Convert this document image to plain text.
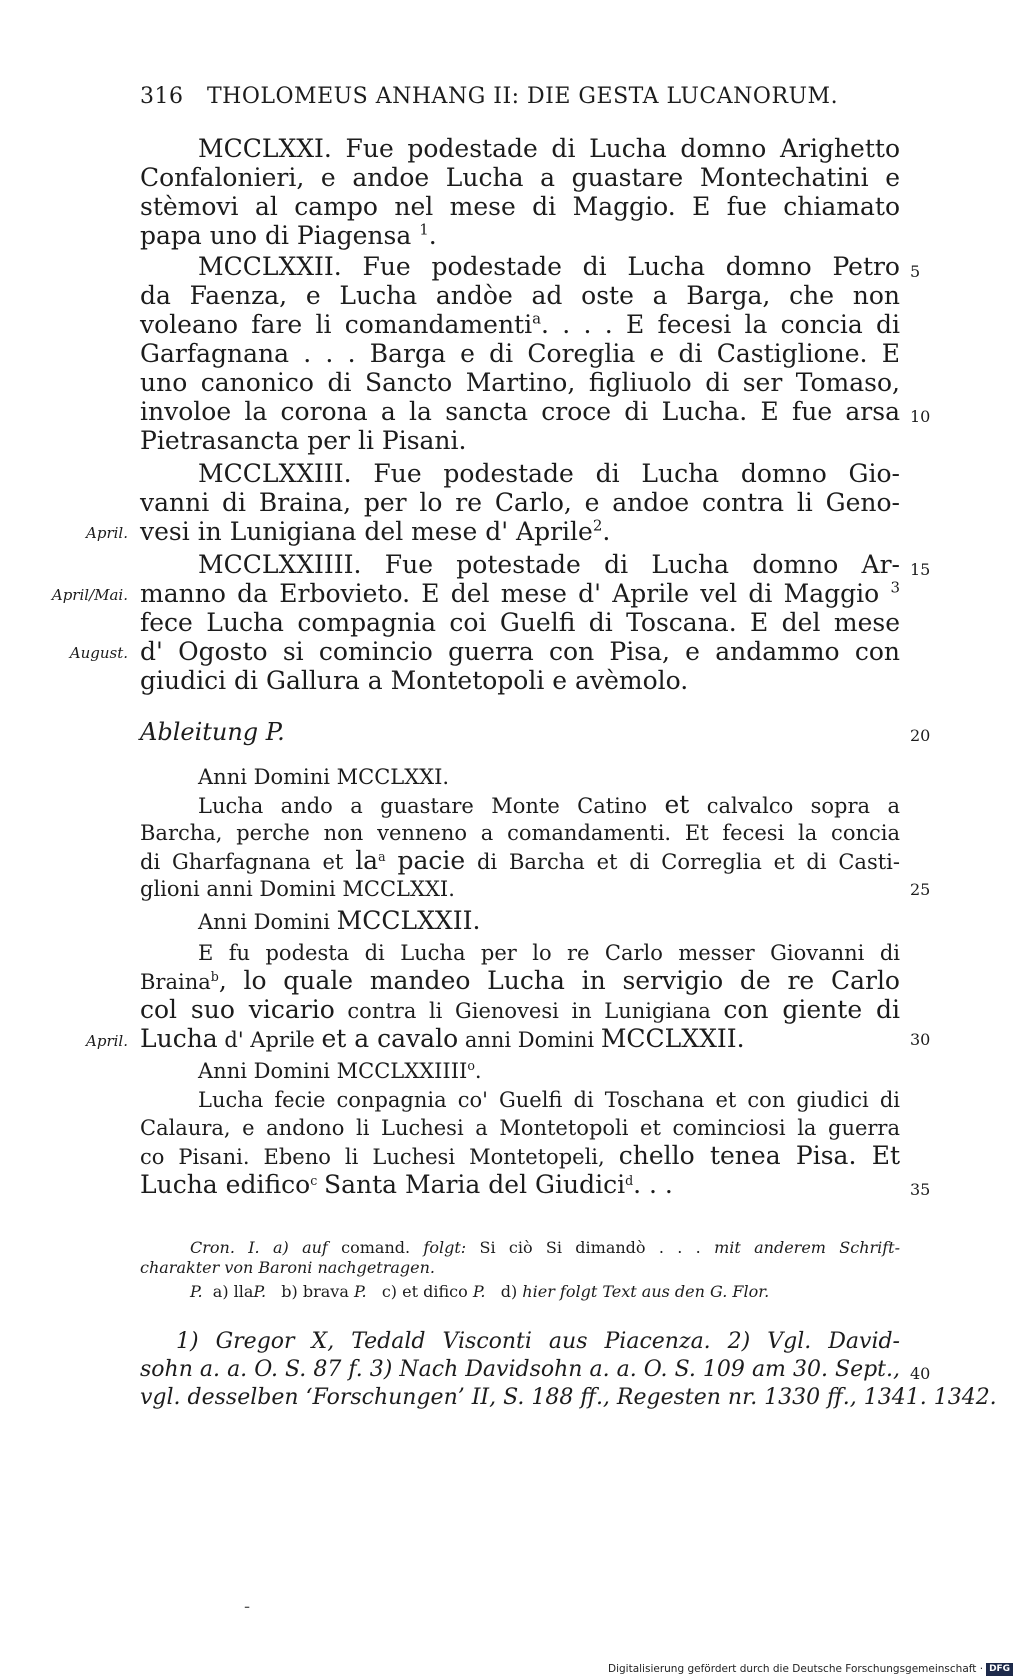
316 THOLOMEUS ANHANG II: DIE GESTA LUCANORUM.
MCCLXXI. Fue podestade di Lucha domno Arighetto
Confalonieri, e andoe Lucha a guastare Montechatini e
stèmovi al campo nel mese di Maggio. E fue chiamato
papa uno di Piagensa $^1$.
MCCLXXII. Fue podestade di Lucha domno Petro 5
da Faenza, e Lucha andòe ad oste a Barga, che non
voleano fare li comandamenti$^a$. . . . E fecesi la concia di
Garfagnana . . . Barga e di Coreglia e di Castiglione. E
uno canonico di Sancto Martino, figliuolo di ser Tomaso,
involoe la corona a la sancta croce di Lucha. E fue arsa 10
Pietrasancta per li Pisani.
MCCLXXIII. Fue podestade di Lucha domno Gio-
vanni di Braina, per lo re Carlo, e andoe contra li Geno-
April. vesi in Lunigiana del mese d' Aprile$^2$.
MCCLXXIIII. Fue potestade di Lucha domno Ar- 15
April/Mai. manno da Erbovieto. E del mese d' Aprile vel di Maggio $^3$
fece Lucha compagnia coi Guelfi di Toscana. E del mese
August. d' Ogosto si comincio guerra con Pisa, e andammo con
giudici di Gallura a Montetopoli e avèmolo.
Ableitung P.	20
Anni Domini MCCLXXI.
Lucha ando a guastare Monte Catino et calvalco sopra a
Barcha, perche non venneno a comandamenti. Et fecesi la concia
di Gharfagnana et $la^a$ pacie di Barcha et di Correglia et di Casti-
glioni anni Domini MCCLXXI.	25
Anni Domini MCCLXXII.
E fu podesta di Lucha per lo re Carlo messer Giovanni di
Braina$^b$, lo quale mandeo Lucha in servigio de re Carlo
col suo vicario contra li Gienovesi in Lunigiana con giente di
April. Lucha d' Aprile et a cavalo anni Domini MCCLXXII.	30
Anni Domini MCCLXXIIII$^o$.
Lucha fecie conpagnia co' Guelfi di Toschana et con giudici di
Calaura, e andono li Luchesi a Montetopoli et cominciosi la guerra
co Pisani. Ebeno li Luchesi Montetopeli, chello tenea Pisa. Et
Lucha edifico$^c$ Santa Maria del Giudici$^d$. . .	35
Cron. I. a) auf comand. folgt: Si ciò Si dimandò . . . mit anderem Schrift-
charakter von Baroni nachgetragen.
P. a) llaP. b) brava P. c) et difico P. d) hier folgt Text aus den G. Flor.
1) Gregor X, Tedald Visconti aus Piacenza. 2) Vgl. David-
sohn a. a. O. S. 87 f. 3) Nach Davidsohn a. a. O. S. 109 am 30. Sept., 40
vgl. desselben ‘Forschungen’ II, S. 188 ff., Regesten nr. 1330 ff., 1341. 1342.
-
Digitalisierung gefördert durch die Deutsche Forschungsgemeinschaft · DFG
